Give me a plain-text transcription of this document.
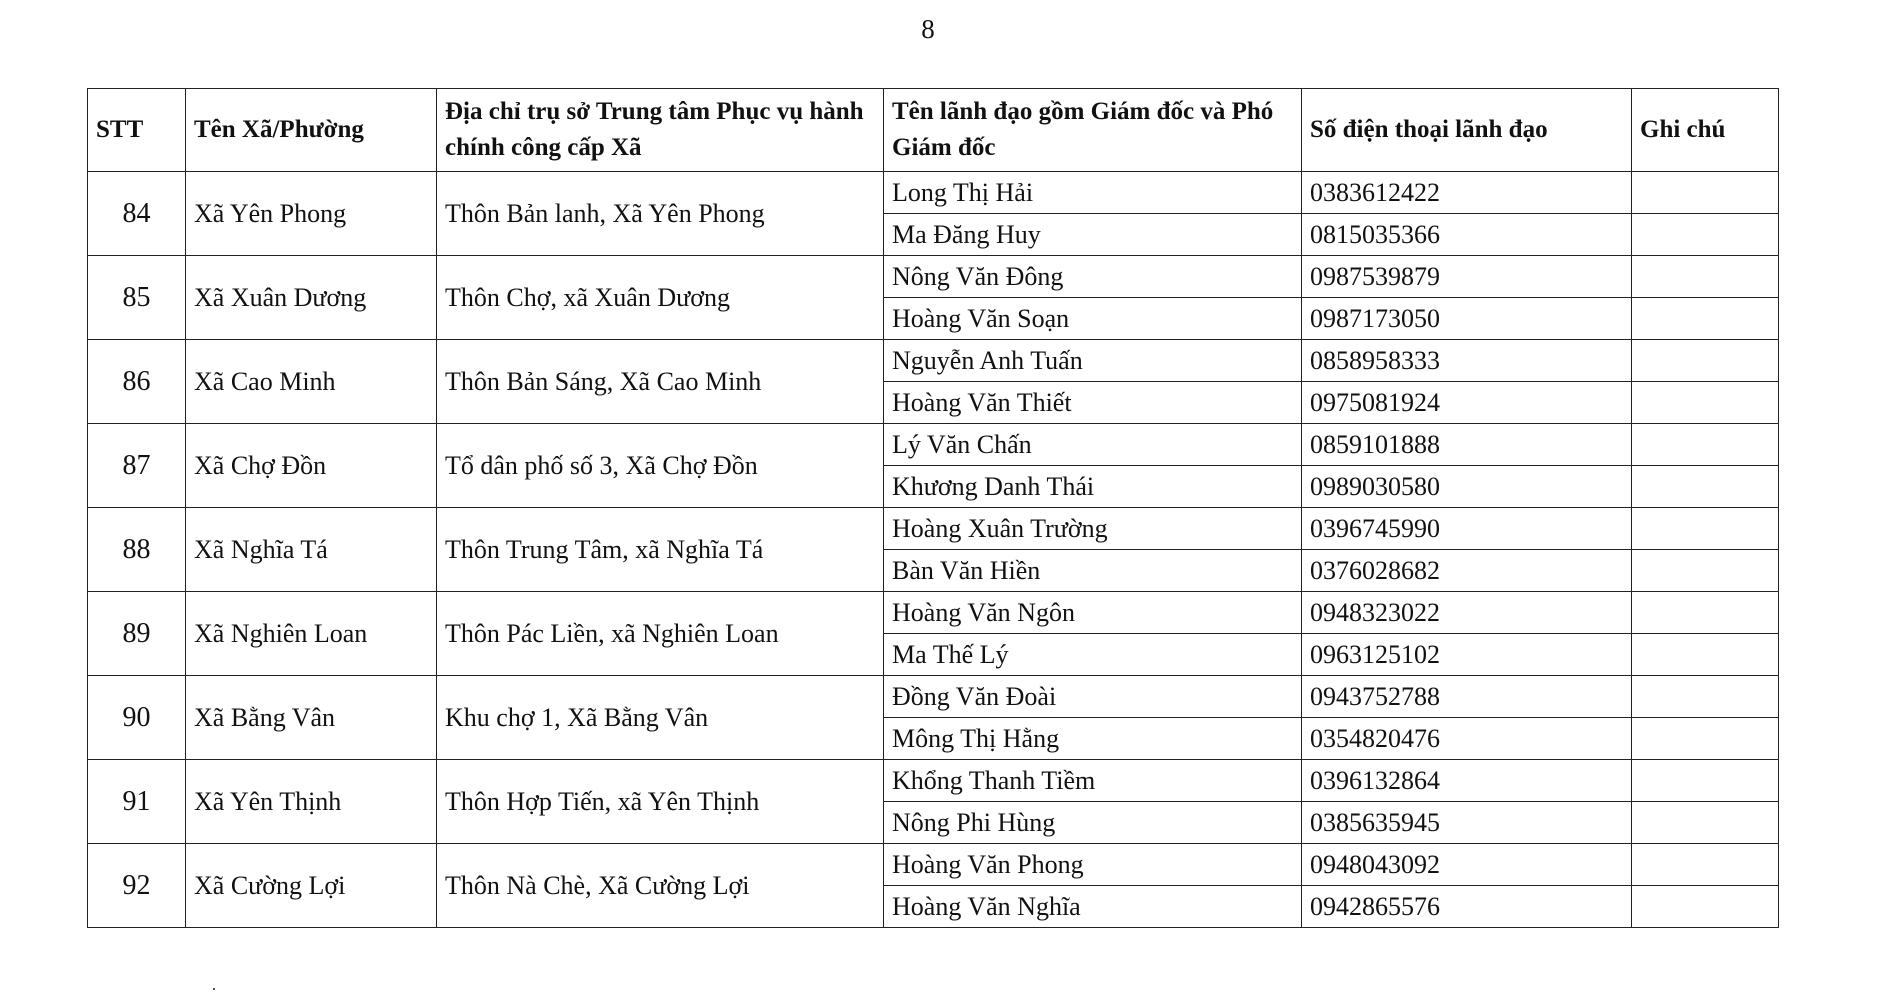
8
STT	Tên Xã/Phường	Địa chỉ trụ sở Trung tâm Phục vụ hành chính công cấp Xã	Tên lãnh đạo gồm Giám đốc và Phó Giám đốc	Số điện thoại lãnh đạo	Ghi chú
84	Xã Yên Phong	Thôn Bản lanh, Xã Yên Phong	Long Thị Hải	0383612422	
			Ma Đăng Huy	0815035366	
85	Xã Xuân Dương	Thôn Chợ, xã Xuân Dương	Nông Văn Đông	0987539879	
			Hoàng Văn Soạn	0987173050	
86	Xã Cao Minh	Thôn Bản Sáng, Xã Cao Minh	Nguyễn Anh Tuấn	0858958333	
			Hoàng Văn Thiết	0975081924	
87	Xã Chợ Đồn	Tổ dân phố số 3, Xã Chợ Đồn	Lý Văn Chấn	0859101888	
			Khương Danh Thái	0989030580	
88	Xã Nghĩa Tá	Thôn Trung Tâm, xã Nghĩa Tá	Hoàng Xuân Trường	0396745990	
			Bàn Văn Hiền	0376028682	
89	Xã Nghiên Loan	Thôn Pác Liền, xã Nghiên Loan	Hoàng Văn Ngôn	0948323022	
			Ma Thế Lý	0963125102	
90	Xã Bằng Vân	Khu chợ 1, Xã Bằng Vân	Đồng Văn Đoài	0943752788	
			Mông Thị Hằng	0354820476	
91	Xã Yên Thịnh	Thôn Hợp Tiến, xã Yên Thịnh	Khổng Thanh Tiềm	0396132864	
			Nông Phi Hùng	0385635945	
92	Xã Cường Lợi	Thôn Nà Chè, Xã Cường Lợi	Hoàng Văn Phong	0948043092	
			Hoàng Văn Nghĩa	0942865576	
